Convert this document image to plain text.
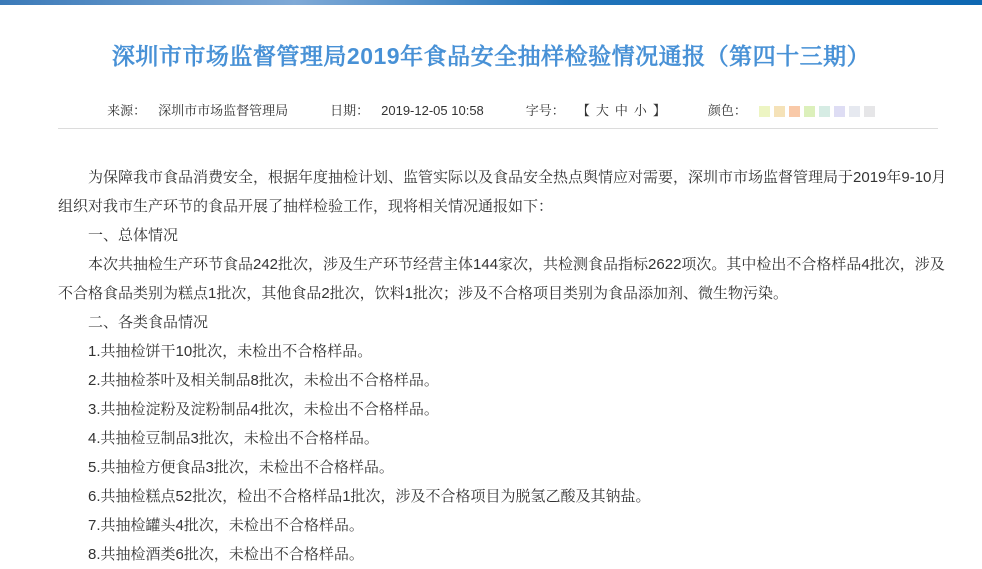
深圳市市场监督管理局2019年食品安全抽样检验情况通报（第四十三期）
来源： 深圳市市场监督管理局	日期： 2019-12-05 10:58	字号： 【 大 中 小 】	颜色：

为保障我市食品消费安全，根据年度抽检计划、监管实际以及食品安全热点舆情应对需要，深圳市市场监督管理局于2019年9-10月组织对我市生产环节的食品开展了抽样检验工作，现将相关情况通报如下：

一、总体情况

本次共抽检生产环节食品242批次，涉及生产环节经营主体144家次，共检测食品指标2622项次。其中检出不合格样品4批次，涉及不合格食品类别为糕点1批次，其他食品2批次，饮料1批次；涉及不合格项目类别为食品添加剂、微生物污染。

二、各类食品情况

1.共抽检饼干10批次，未检出不合格样品。

2.共抽检茶叶及相关制品8批次，未检出不合格样品。

3.共抽检淀粉及淀粉制品4批次，未检出不合格样品。

4.共抽检豆制品3批次，未检出不合格样品。

5.共抽检方便食品3批次，未检出不合格样品。

6.共抽检糕点52批次，检出不合格样品1批次，涉及不合格项目为脱氢乙酸及其钠盐。

7.共抽检罐头4批次，未检出不合格样品。

8.共抽检酒类6批次，未检出不合格样品。
